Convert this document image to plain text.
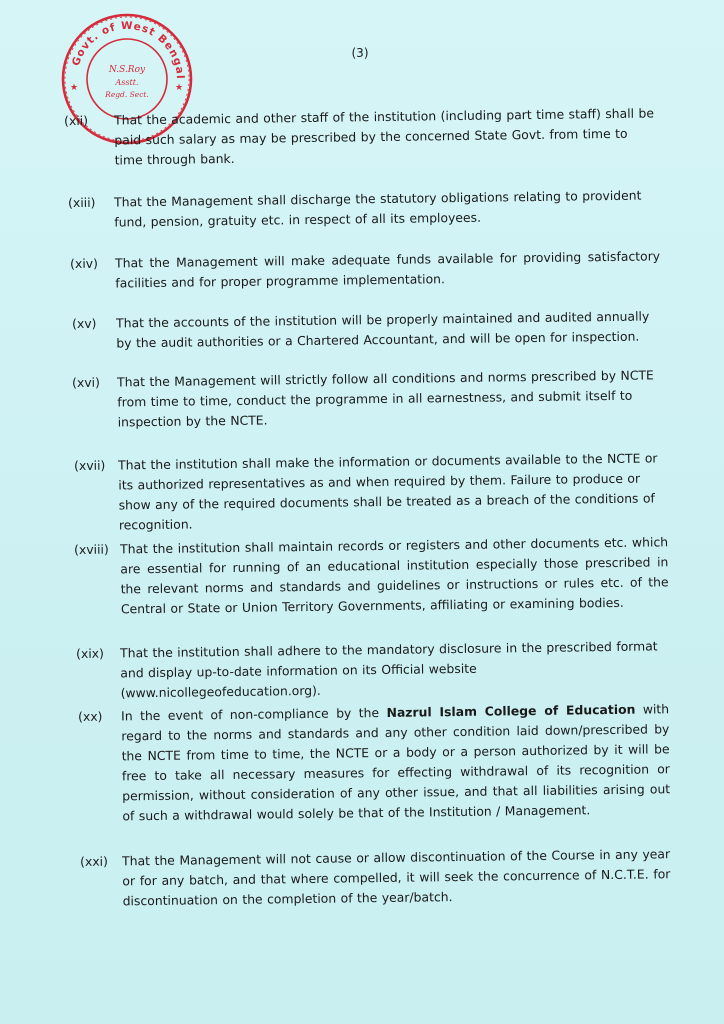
(3)
Govt. of West Bengal
N.S.Roy
Asstt.
Regd. Sect.
★	★
(xii)	That the academic and other staff of the institution (including part time staff) shall be paid such salary as may be prescribed by the concerned State Govt. from time to time through bank.
(xiii)	That the Management shall discharge the statutory obligations relating to provident fund, pension, gratuity etc. in respect of all its employees.
(xiv)	That the Management will make adequate funds available for providing satisfactory facilities and for proper programme implementation.
(xv)	That the accounts of the institution will be properly maintained and audited annually by the audit authorities or a Chartered Accountant, and will be open for inspection.
(xvi)	That the Management will strictly follow all conditions and norms prescribed by NCTE from time to time, conduct the programme in all earnestness, and submit itself to inspection by the NCTE.
(xvii)	That the institution shall make the information or documents available to the NCTE or its authorized representatives as and when required by them. Failure to produce or show any of the required documents shall be treated as a breach of the conditions of recognition.
(xviii) That the institution shall maintain records or registers and other documents etc. which are essential for running of an educational institution especially those prescribed in the relevant norms and standards and guidelines or instructions or rules etc. of the Central or State or Union Territory Governments, affiliating or examining bodies.
(xix)	That the institution shall adhere to the mandatory disclosure in the prescribed format and display up-to-date information on its Official website (www.nicollegeofeducation.org).
(xx)	In the event of non-compliance by the Nazrul Islam College of Education with regard to the norms and standards and any other condition laid down/prescribed by the NCTE from time to time, the NCTE or a body or a person authorized by it will be free to take all necessary measures for effecting withdrawal of its recognition or permission, without consideration of any other issue, and that all liabilities arising out of such a withdrawal would solely be that of the Institution / Management.
(xxi)	That the Management will not cause or allow discontinuation of the Course in any year or for any batch, and that where compelled, it will seek the concurrence of N.C.T.E. for discontinuation on the completion of the year/batch.
